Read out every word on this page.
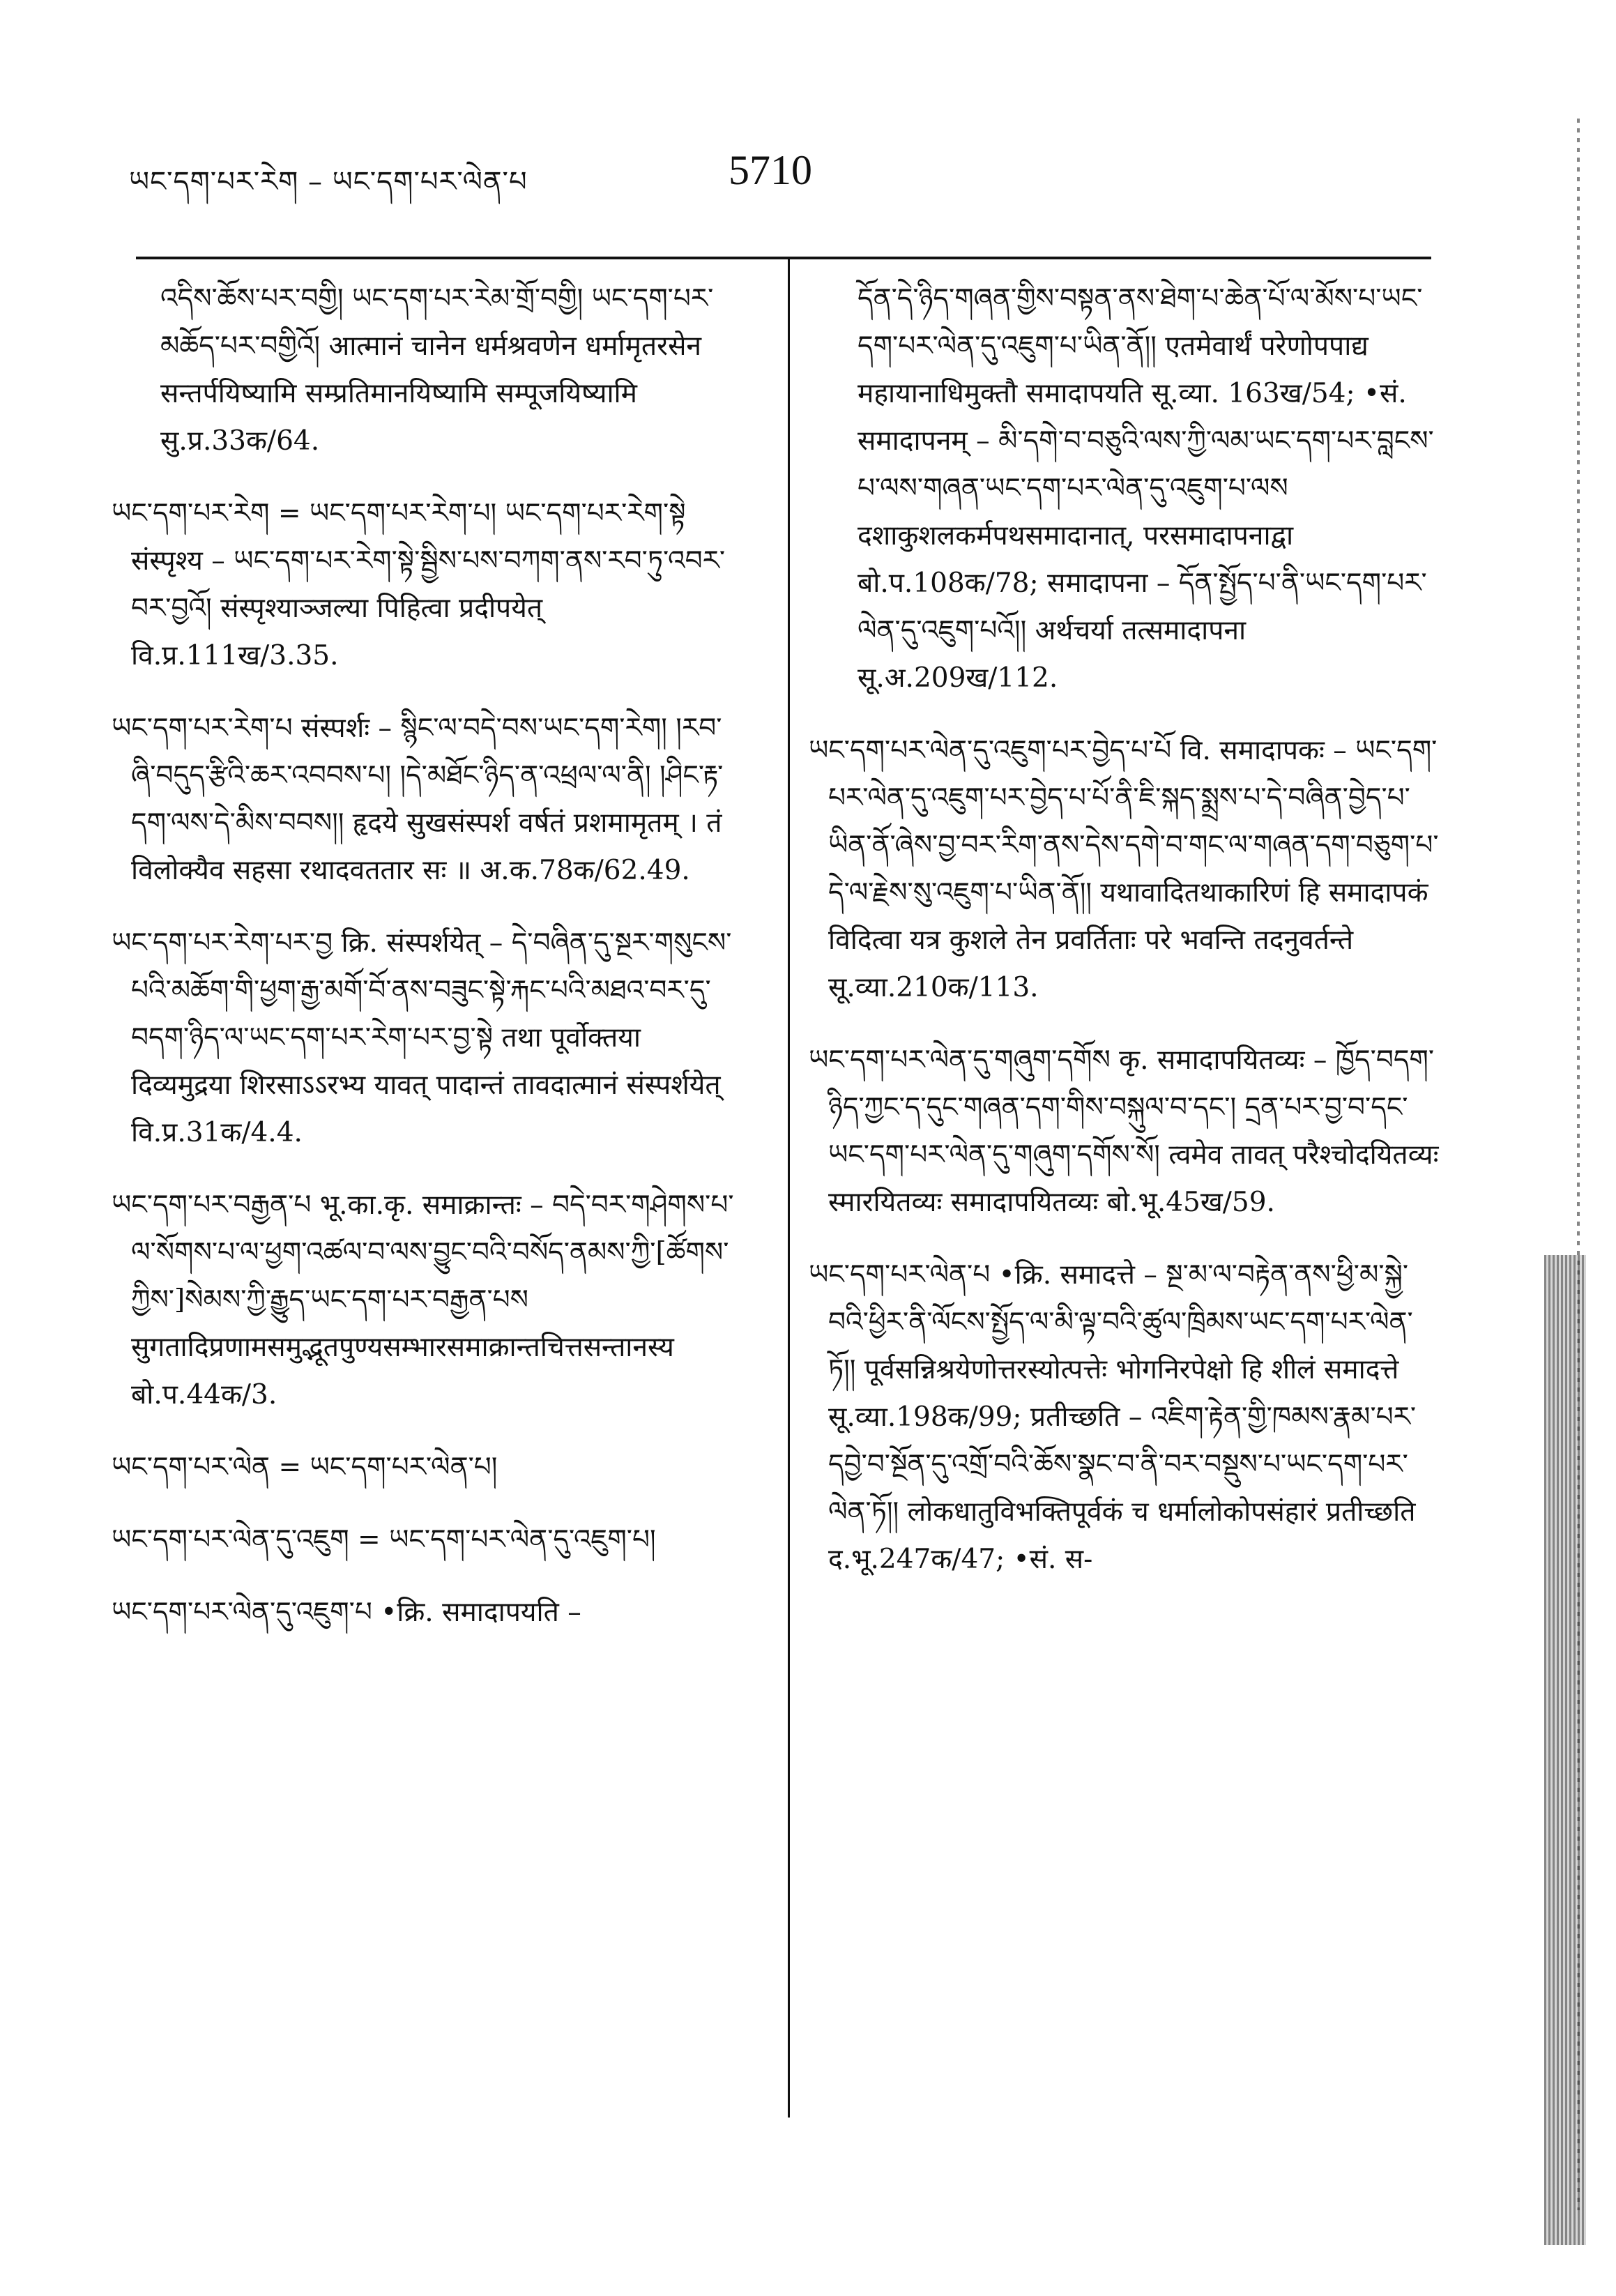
ཡང་དག་པར་རེག – ཡང་དག་པར་ལེན་པ	5710

འདིས་ཆོས་པར་བགྱི། ཡང་དག་པར་རེམ་གྲོ་བགྱི། ཡང་དག་པར་མཆོད་པར་བགྱིའོ། आत्मानं चानेन धर्मश्रवणेन धर्मामृतरसेन सन्तर्पयिष्यामि सम्प्रतिमानयिष्यामि सम्पूजयिष्यामि सु.प्र.33क/64.

ཡང་དག་པར་རེག = ཡང་དག་པར་རེག་པ། ཡང་དག་པར་རེག་སྟེ संस्पृश्य – ཡང་དག་པར་རེག་སྟེ་སྦྱིས་པས་བཀག་ནས་རབ་ཏུ་འབར་བར་བྱའོ། संस्पृश्याञ्जल्या पिहित्वा प्रदीपयेत् वि.प्र.111ख/3.35.

ཡང་དག་པར་རེག་པ संस्पर्शः – སྙིང་ལ་བདེ་བས་ཡང་དག་རེག། །རབ་ཞི་བདུད་རྩིའི་ཆར་འབབས་པ། །དེ་མཐོང་ཉིད་ན་འཕྲལ་ལ་ནི། །ཤིང་རྟ་དག་ལས་དེ་མིས་བབས།། हृदये सुखसंस्पर्श वर्षतं प्रशमामृतम् । तं विलोक्यैव सहसा रथादवततार सः ॥ अ.क.78क/62.49.

ཡང་དག་པར་རེག་པར་བྱ क्रि. संस्पर्शयेत् – དེ་བཞིན་དུ་སྔར་གསུངས་པའི་མཆོག་གི་ཕྱག་རྒྱ་མགོ་བོ་ནས་བཟུང་སྟེ་རྐང་པའི་མཐའ་བར་དུ་བདག་ཉིད་ལ་ཡང་དག་པར་རེག་པར་བྱ་སྟེ तथा पूर्वोक्तया दिव्यमुद्रया शिरसाऽऽरभ्य यावत् पादान्तं तावदात्मानं संस्पर्शयेत् वि.प्र.31क/4.4.

ཡང་དག་པར་བརྒྱན་པ भू.का.कृ. समाक्रान्तः – བདེ་བར་གཤེགས་པ་ལ་སོགས་པ་ལ་ཕྱག་འཚལ་བ་ལས་བྱུང་བའི་བསོད་ནམས་ཀྱི་[ཚོགས་ཀྱིས་]སེམས་ཀྱི་རྒྱུད་ཡང་དག་པར་བརྒྱན་པས सुगतादिप्रणामसमुद्भूतपुण्यसम्भारसमाक्रान्तचित्तसन्तानस्य बो.प.44क/3.

ཡང་དག་པར་ལེན = ཡང་དག་པར་ལེན་པ།

ཡང་དག་པར་ལེན་དུ་འཇུག = ཡང་དག་པར་ལེན་དུ་འཇུག་པ།

ཡང་དག་པར་ལེན་དུ་འཇུག་པ •क्रि. समादापयति –

དོན་དེ་ཉིད་གཞན་གྱིས་བསྟན་ནས་ཐེག་པ་ཆེན་པོ་ལ་མོས་པ་ཡང་དག་པར་ལེན་དུ་འཇུག་པ་ཡིན་ནོ།། एतमेवार्थं परेणोपपाद्य महायानाधिमुक्तौ समादापयति सू.व्या. 163ख/54; •सं. समादापनम् – མི་དགེ་བ་བཅུའི་ལས་ཀྱི་ལམ་ཡང་དག་པར་བླངས་པ་ལས་གཞན་ཡང་དག་པར་ལེན་དུ་འཇུག་པ་ལས दशाकुशलकर्मपथसमादानात्, परसमादापनाद्वा बो.प.108क/78; समादापना – དོན་སྤྱོད་པ་ནི་ཡང་དག་པར་ལེན་དུ་འཇུག་པའོ།། अर्थचर्या तत्समादापना सू.अ.209ख/112.

ཡང་དག་པར་ལེན་དུ་འཇུག་པར་བྱེད་པ་པོ वि. समादापकः – ཡང་དག་པར་ལེན་དུ་འཇུག་པར་བྱེད་པ་པོ་ནི་ཇི་སྐད་སྨྲས་པ་དེ་བཞིན་བྱེད་པ་ཡིན་ནོ་ཞེས་བྱ་བར་རིག་ནས་དེས་དགེ་བ་གང་ལ་གཞན་དག་བཅུག་པ་དེ་ལ་རྗེས་སུ་འཇུག་པ་ཡིན་ནོ།། यथावादितथाकारिणं हि समादापकं विदित्वा यत्र कुशले तेन प्रवर्तिताः परे भवन्ति तदनुवर्तन्ते सू.व्या.210क/113.

ཡང་དག་པར་ལེན་དུ་གཞུག་དགོས कृ. समादापयितव्यः – ཁྱོད་བདག་ཉིད་ཀྱང་ད་དུང་གཞན་དག་གིས་བསྐུལ་བ་དང་། དྲན་པར་བྱ་བ་དང་ཡང་དག་པར་ལེན་དུ་གཞུག་དགོས་སོ། त्वमेव तावत् परैश्चोदयितव्यः स्मारयितव्यः समादापयितव्यः बो.भू.45ख/59.

ཡང་དག་པར་ལེན་པ •क्रि. समादत्ते – སྔ་མ་ལ་བརྟེན་ནས་ཕྱི་མ་སྐྱེ་བའི་ཕྱིར་ནི་ལོངས་སྤྱོད་ལ་མི་ལྟ་བའི་ཚུལ་ཁྲིམས་ཡང་དག་པར་ལེན་ཏོ།། पूर्वसन्निश्रयेणोत्तरस्योत्पत्तेः भोगनिरपेक्षो हि शीलं समादत्ते सू.व्या.198क/99; प्रतीच्छति – འཇིག་རྟེན་གྱི་ཁམས་རྣམ་པར་དབྱེ་བ་སྔོན་དུ་འགྲོ་བའི་ཆོས་སྣང་བ་ནི་བར་བསྡུས་པ་ཡང་དག་པར་ལེན་ཏོ།། लोकधातुविभक्तिपूर्वकं च धर्मालोकोपसंहारं प्रतीच्छति द.भू.247क/47; •सं. स-
